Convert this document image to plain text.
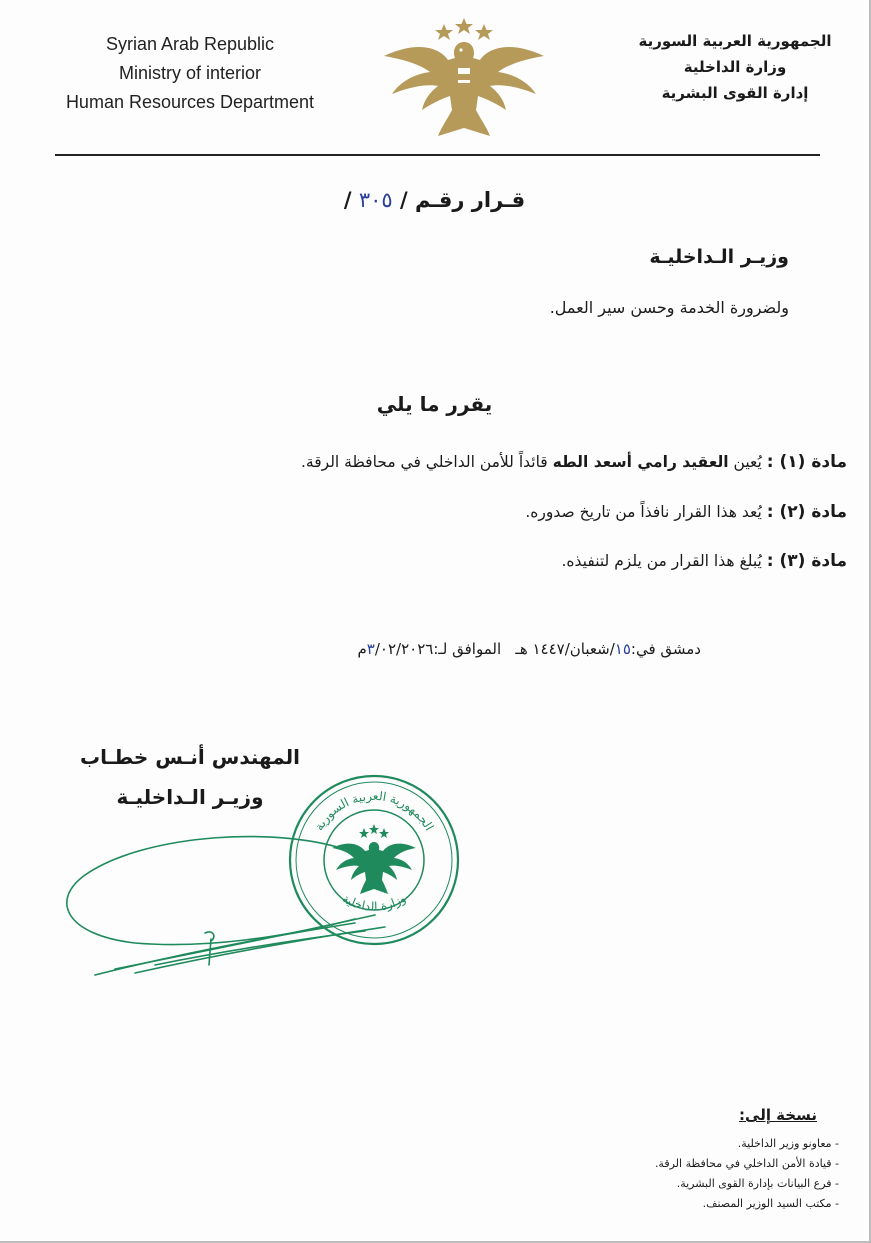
Syrian Arab Republic
Ministry of interior
Human Resources Department
الجمهورية العربية السورية
وزارة الداخلية
إدارة القوى البشرية
قـرار رقـم / ٣٠٥ /
وزيـر الـداخليـة
ولضرورة الخدمة وحسن سير العمل.
يقرر ما يلي
مادة (١) : يُعين العقيد رامي أسعد الطه قائداً للأمن الداخلي في محافظة الرقة.
مادة (٢) : يُعد هذا القرار نافذاً من تاريخ صدوره.
مادة (٣) : يُبلغ هذا القرار من يلزم لتنفيذه.
دمشق في:١٥/شعبان/١٤٤٧ هـ   الموافق لـ:٣/٠٢/٢٠٢٦م
المهندس أنـس خطـاب
وزيـر الـداخليـة
الجمهورية العربية السورية
وزارة الداخلية
نسخة إلى:
- معاونو وزير الداخلية.
- قيادة الأمن الداخلي في محافظة الرقة.
- فرع البيانات بإدارة القوى البشرية.
- مكتب السيد الوزير المصنف.
